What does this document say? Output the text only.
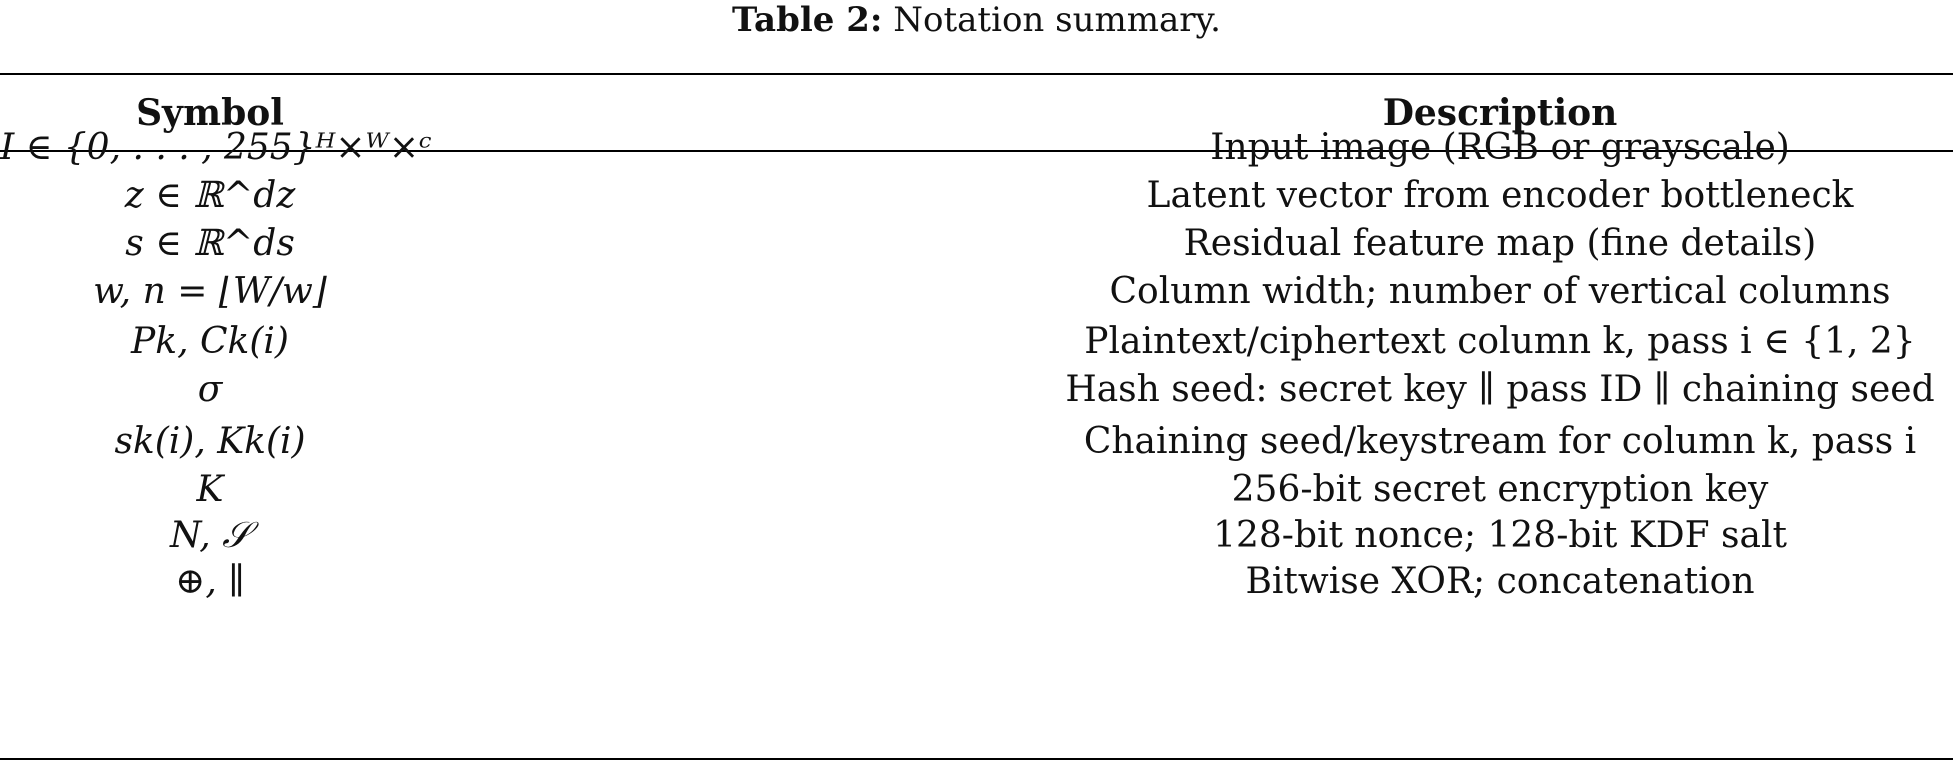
Table 2: Notation summary.
Symbol	Description
I ∈ {0, . . . , 255}ᴴ×ᵂ×ᶜ	Input image (RGB or grayscale)
z ∈ ℝ^dz	Latent vector from encoder bottleneck
s ∈ ℝ^ds	Residual feature map (fine details)
w, n = ⌊W/w⌋	Column width; number of vertical columns
Pk, Ck(i)	Plaintext/ciphertext column k, pass i ∈ {1, 2}
σ	Hash seed: secret key ∥ pass ID ∥ chaining seed
sk(i), Kk(i)	Chaining seed/keystream for column k, pass i
K	256-bit secret encryption key
N, 𝒮	128-bit nonce; 128-bit KDF salt
⊕, ∥	Bitwise XOR; concatenation
